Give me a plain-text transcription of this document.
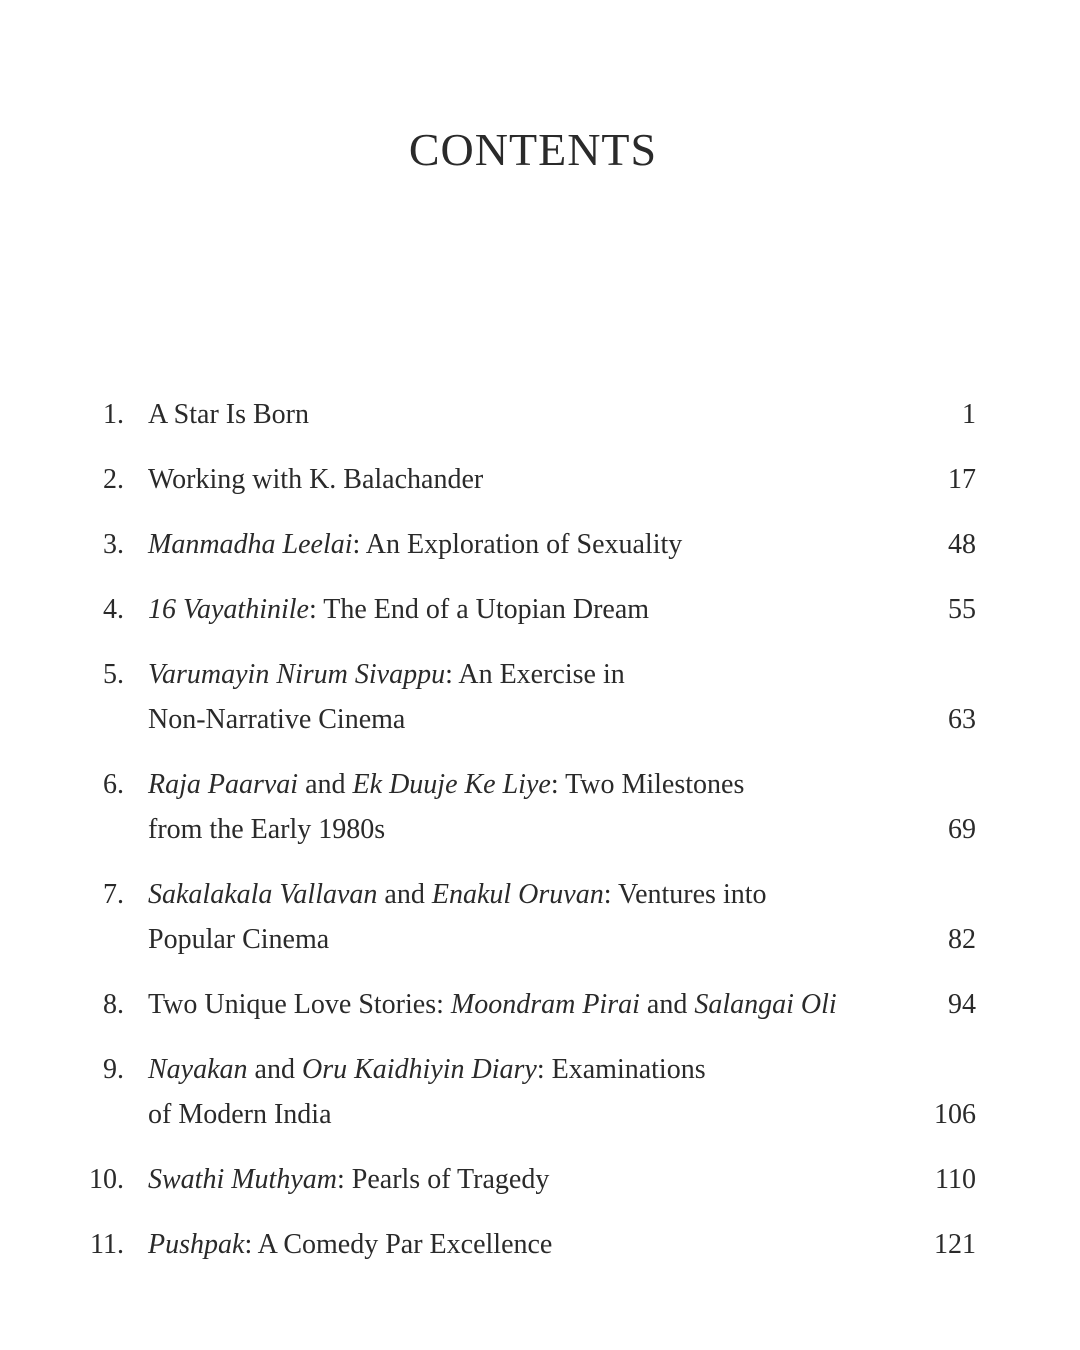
CONTENTS
1. A Star Is Born	1
2. Working with K. Balachander	17
3. Manmadha Leelai: An Exploration of Sexuality	48
4. 16 Vayathinile: The End of a Utopian Dream	55
5. Varumayin Nirum Sivappu: An Exercise in
Non-Narrative Cinema	63
6. Raja Paarvai and Ek Duuje Ke Liye: Two Milestones
from the Early 1980s	69
7. Sakalakala Vallavan and Enakul Oruvan: Ventures into
Popular Cinema	82
8. Two Unique Love Stories: Moondram Pirai and Salangai Oli	94
9. Nayakan and Oru Kaidhiyin Diary: Examinations
of Modern India	106
10. Swathi Muthyam: Pearls of Tragedy	110
11. Pushpak: A Comedy Par Excellence	121
